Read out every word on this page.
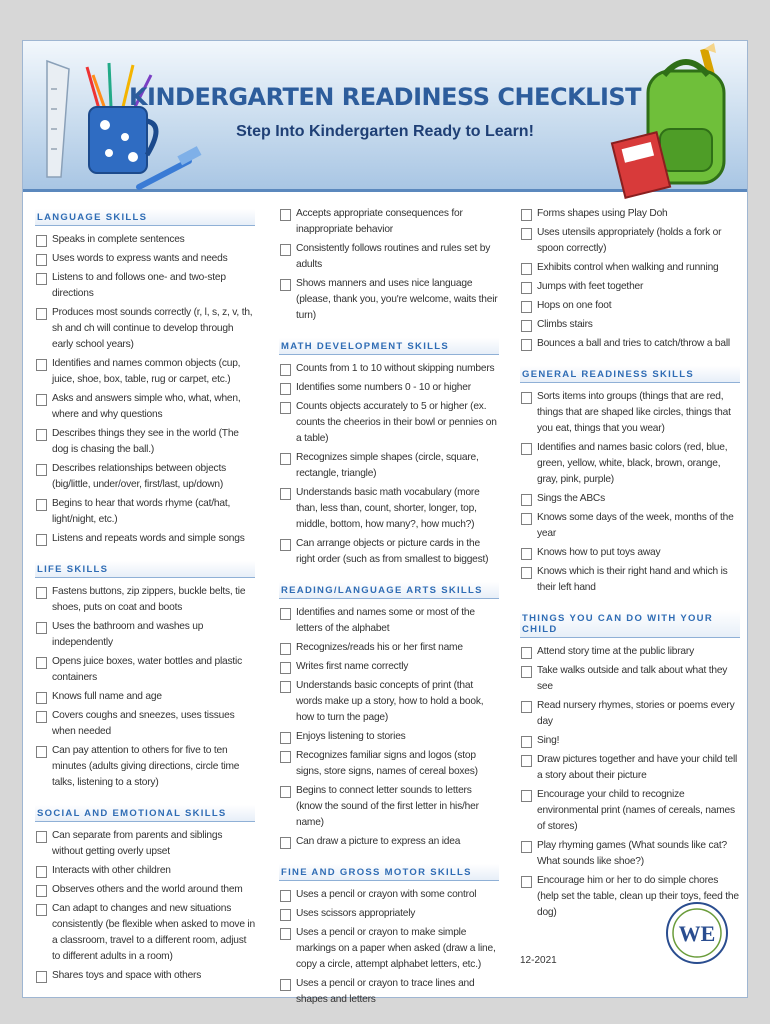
KINDERGARTEN READINESS CHECKLIST
Step Into Kindergarten Ready to Learn!
LANGUAGE SKILLS
Speaks in complete sentences
Uses words to express wants and needs
Listens to and follows one- and two-step directions
Produces most sounds correctly (r, l, s, z, v, th, sh and ch will continue to develop through early school years)
Identifies and names common objects (cup, juice, shoe, box, table, rug or carpet, etc.)
Asks and answers simple who, what, when, where and why questions
Describes things they see in the world (The dog is chasing the ball.)
Describes relationships between objects (big/little, under/over, first/last, up/down)
Begins to hear that words rhyme (cat/hat, light/night, etc.)
Listens and repeats words and simple songs
LIFE SKILLS
Fastens buttons, zip zippers, buckle belts, tie shoes, puts on coat and boots
Uses the bathroom and washes up independently
Opens juice boxes, water bottles and plastic containers
Knows full name and age
Covers coughs and sneezes, uses tissues when needed
Can pay attention to others for five to ten minutes (adults giving directions, circle time talks, listening to a story)
SOCIAL AND EMOTIONAL SKILLS
Can separate from parents and siblings without getting overly upset
Interacts with other children
Observes others and the world around them
Can adapt to changes and new situations consistently (be flexible when asked to move in a classroom, travel to a different room, adjust to different adults in a room)
Shares toys and space with others
Accepts appropriate consequences for inappropriate behavior
Consistently follows routines and rules set by adults
Shows manners and uses nice language (please, thank you, you're welcome, waits their turn)
MATH DEVELOPMENT SKILLS
Counts from 1 to 10 without skipping numbers
Identifies some numbers 0 - 10 or higher
Counts objects accurately to 5 or higher (ex. counts the cheerios in their bowl or pennies on a table)
Recognizes simple shapes (circle, square, rectangle, triangle)
Understands basic math vocabulary (more than, less than, count, shorter, longer, top, middle, bottom, how many?, how much?)
Can arrange objects or picture cards in the right order (such as from smallest to biggest)
READING/LANGUAGE ARTS SKILLS
Identifies and names some or most of the letters of the alphabet
Recognizes/reads his or her first name
Writes first name correctly
Understands basic concepts of print (that words make up a story, how to hold a book, how to turn the page)
Enjoys listening to stories
Recognizes familiar signs and logos (stop signs, store signs, names of cereal boxes)
Begins to connect letter sounds to letters (know the sound of the first letter in his/her name)
Can draw a picture to express an idea
FINE AND GROSS MOTOR SKILLS
Uses a pencil or crayon with some control
Uses scissors appropriately
Uses a pencil or crayon to make simple markings on a paper when asked (draw a line, copy a circle, attempt alphabet letters, etc.)
Uses a pencil or crayon to trace lines and shapes and letters
Forms shapes using Play Doh
Uses utensils appropriately (holds a fork or spoon correctly)
Exhibits control when walking and running
Jumps with feet together
Hops on one foot
Climbs stairs
Bounces a ball and tries to catch/throw a ball
GENERAL READINESS SKILLS
Sorts items into groups (things that are red, things that are shaped like circles, things that you eat, things that you wear)
Identifies and names basic colors (red, blue, green, yellow, white, black, brown, orange, gray, pink, purple)
Sings the ABCs
Knows some days of the week, months of the year
Knows how to put toys away
Knows which is their right hand and which is their left hand
THINGS YOU CAN DO WITH YOUR CHILD
Attend story time at the public library
Take walks outside and talk about what they see
Read nursery rhymes, stories or poems every day
Sing!
Draw pictures together and have your child tell a story about their picture
Encourage your child to recognize environmental print (names of cereals, names of stores)
Play rhyming games (What sounds like cat? What sounds like shoe?)
Encourage him or her to do simple chores (help set the table, clean up their toys, feed the dog)
12-2021
WE
